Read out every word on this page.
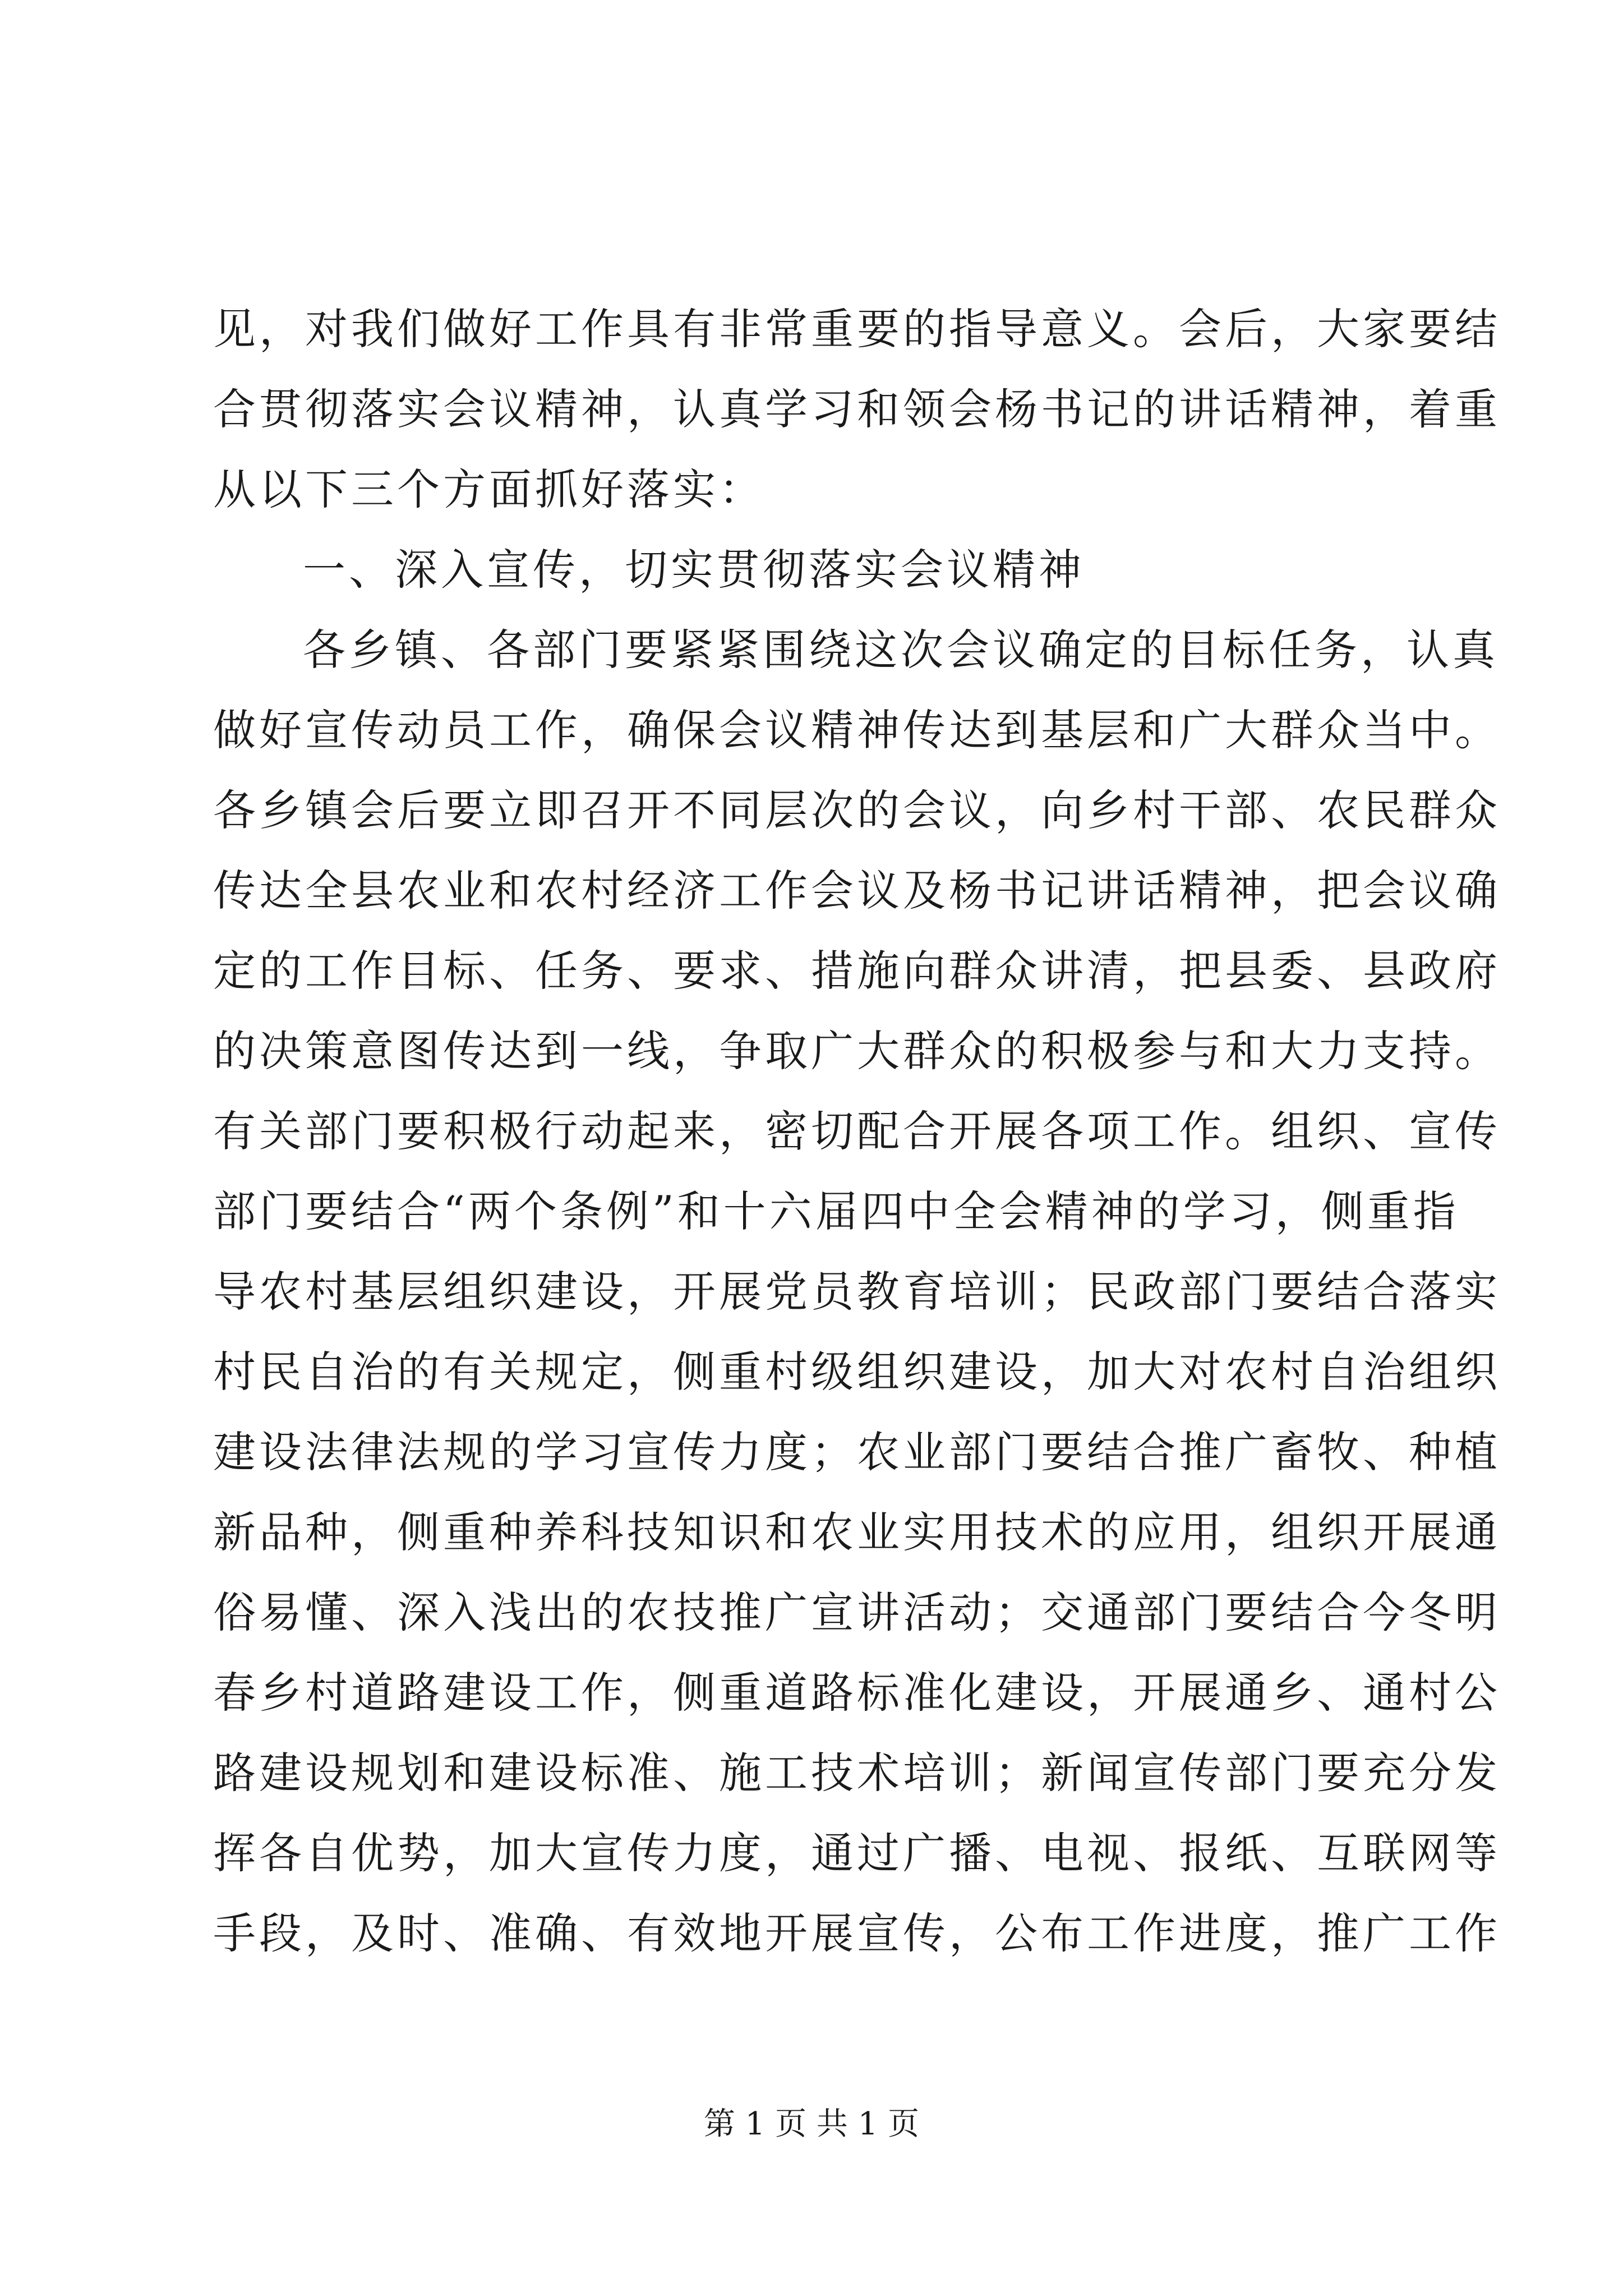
见，对我们做好工作具有非常重要的指导意义。会后，大家要结
合贯彻落实会议精神，认真学习和领会杨书记的讲话精神，着重
从以下三个方面抓好落实：
一、深入宣传，切实贯彻落实会议精神
各乡镇、各部门要紧紧围绕这次会议确定的目标任务，认真
做好宣传动员工作，确保会议精神传达到基层和广大群众当中。
各乡镇会后要立即召开不同层次的会议，向乡村干部、农民群众
传达全县农业和农村经济工作会议及杨书记讲话精神，把会议确
定的工作目标、任务、要求、措施向群众讲清，把县委、县政府
的决策意图传达到一线，争取广大群众的积极参与和大力支持。
有关部门要积极行动起来，密切配合开展各项工作。组织、宣传
部门要结合“两个条例”和十六届四中全会精神的学习，侧重指
导农村基层组织建设，开展党员教育培训；民政部门要结合落实
村民自治的有关规定，侧重村级组织建设，加大对农村自治组织
建设法律法规的学习宣传力度；农业部门要结合推广畜牧、种植
新品种，侧重种养科技知识和农业实用技术的应用，组织开展通
俗易懂、深入浅出的农技推广宣讲活动；交通部门要结合今冬明
春乡村道路建设工作，侧重道路标准化建设，开展通乡、通村公
路建设规划和建设标准、施工技术培训；新闻宣传部门要充分发
挥各自优势，加大宣传力度，通过广播、电视、报纸、互联网等
手段，及时、准确、有效地开展宣传，公布工作进度，推广工作
第 1 页 共 1 页
